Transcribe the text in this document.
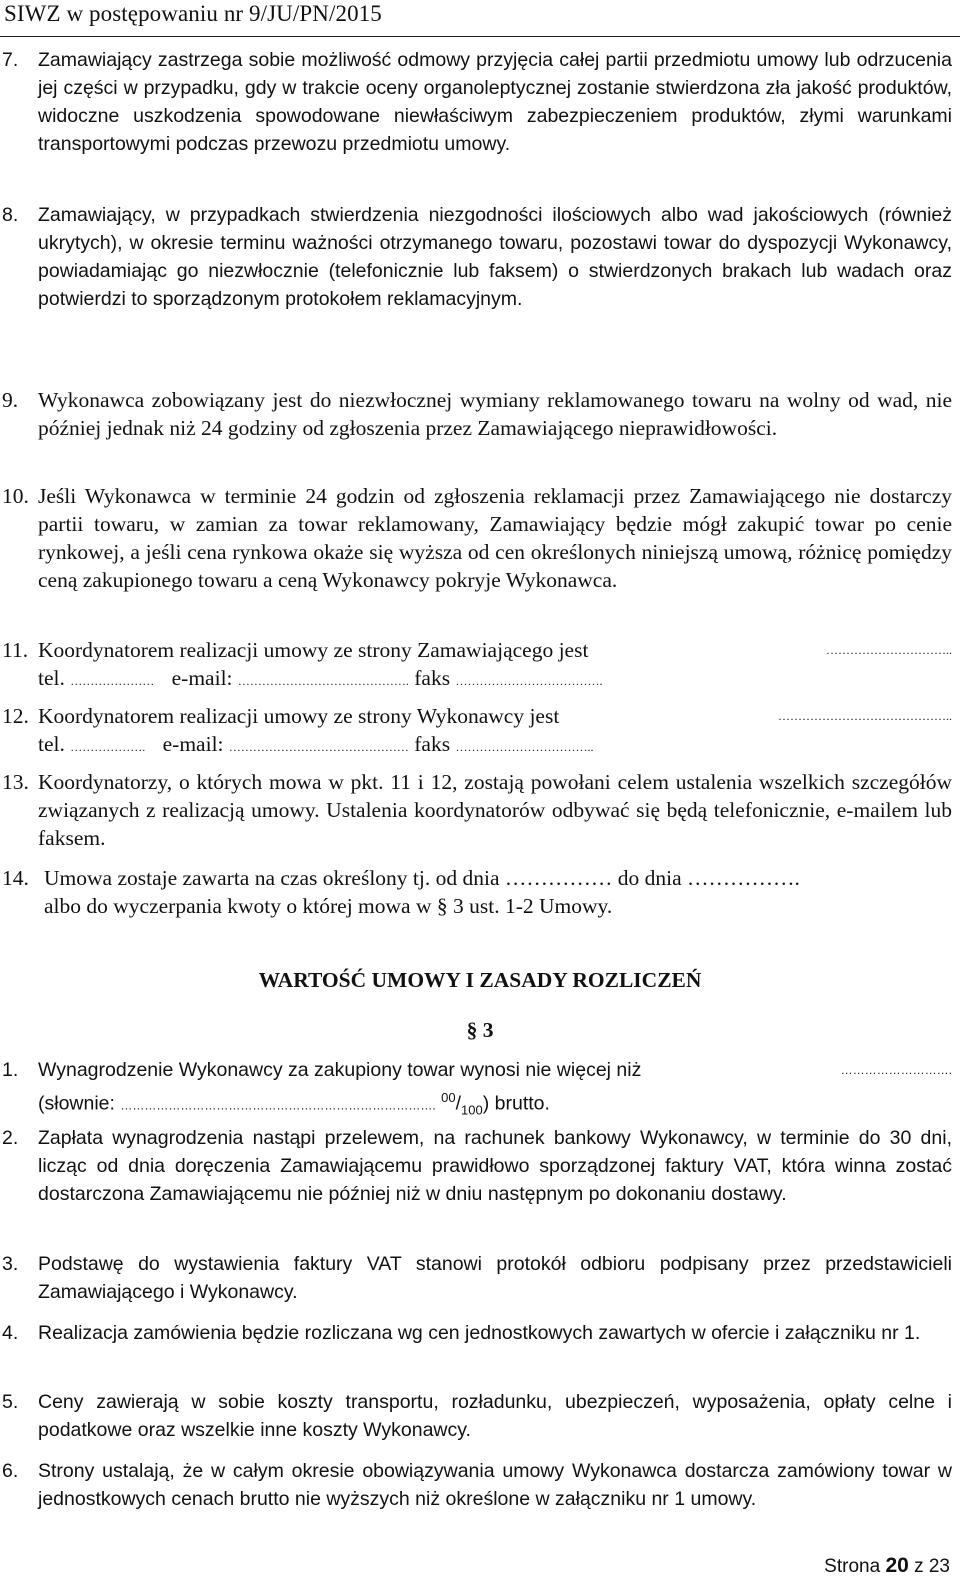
SIWZ w postępowaniu nr 9/JU/PN/2015
7.	Zamawiający zastrzega sobie możliwość odmowy przyjęcia całej partii przedmiotu umowy lub odrzucenia jej części w przypadku, gdy w trakcie oceny organoleptycznej zostanie stwierdzona zła jakość produktów, widoczne uszkodzenia spowodowane niewłaściwym zabezpieczeniem produktów, złymi warunkami transportowymi podczas przewozu przedmiotu umowy.
8.	Zamawiający, w przypadkach stwierdzenia niezgodności ilościowych albo wad jakościowych (również ukrytych), w okresie terminu ważności otrzymanego towaru, pozostawi towar do dyspozycji Wykonawcy, powiadamiając go niezwłocznie (telefonicznie lub faksem) o stwierdzonych brakach lub wadach oraz potwierdzi to sporządzonym protokołem reklamacyjnym.
9. Wykonawca zobowiązany jest do niezwłocznej wymiany reklamowanego towaru na wolny od wad, nie później jednak niż 24 godziny od zgłoszenia przez Zamawiającego nieprawidłowości.
10. Jeśli Wykonawca w terminie 24 godzin od zgłoszenia reklamacji przez Zamawiającego nie dostarczy partii towaru, w zamian za towar reklamowany, Zamawiający będzie mógł zakupić towar po cenie rynkowej, a jeśli cena rynkowa okaże się wyższa od cen określonych niniejszą umową, różnicę pomiędzy ceną zakupionego towaru a ceną Wykonawcy pokryje Wykonawca.
11. Koordynatorem realizacji umowy ze strony Zamawiającego jest	…………………………..
tel. ………………… e-mail: ……………………………………. faks ……………………………….
12. Koordynatorem realizacji umowy ze strony Wykonawcy jest	……………………………………..
tel. ………………. e-mail: ……………………………………… faks ……………………………..
13. Koordynatorzy, o których mowa w pkt. 11 i 12, zostają powołani celem ustalenia wszelkich szczegółów związanych z realizacją umowy. Ustalenia koordynatorów odbywać się będą telefonicznie, e-mailem lub faksem.
14. Umowa zostaje zawarta na czas określony tj. od dnia …………… do dnia …………….
albo do wyczerpania kwoty o której mowa w § 3 ust. 1-2 Umowy.
WARTOŚĆ UMOWY I ZASADY ROZLICZEŃ
§ 3
1.	Wynagrodzenie Wykonawcy za zakupiony towar wynosi nie więcej niż	……………………….
(słownie: ……………………………………………………………………. $^{00}/_{100}$) brutto.
2.	Zapłata wynagrodzenia nastąpi przelewem, na rachunek bankowy Wykonawcy, w terminie do 30 dni, licząc od dnia doręczenia Zamawiającemu prawidłowo sporządzonej faktury VAT, która winna zostać dostarczona Zamawiającemu nie później niż w dniu następnym po dokonaniu dostawy.
3.	Podstawę do wystawienia faktury VAT stanowi protokół odbioru podpisany przez przedstawicieli Zamawiającego i Wykonawcy.
4.	Realizacja zamówienia będzie rozliczana wg cen jednostkowych zawartych w ofercie i załączniku nr 1.
5.	Ceny zawierają w sobie koszty transportu, rozładunku, ubezpieczeń, wyposażenia, opłaty celne i podatkowe oraz wszelkie inne koszty Wykonawcy.
6.	Strony ustalają, że w całym okresie obowiązywania umowy Wykonawca dostarcza zamówiony towar w jednostkowych cenach brutto nie wyższych niż określone w załączniku nr 1 umowy.
Strona 20 z 23
